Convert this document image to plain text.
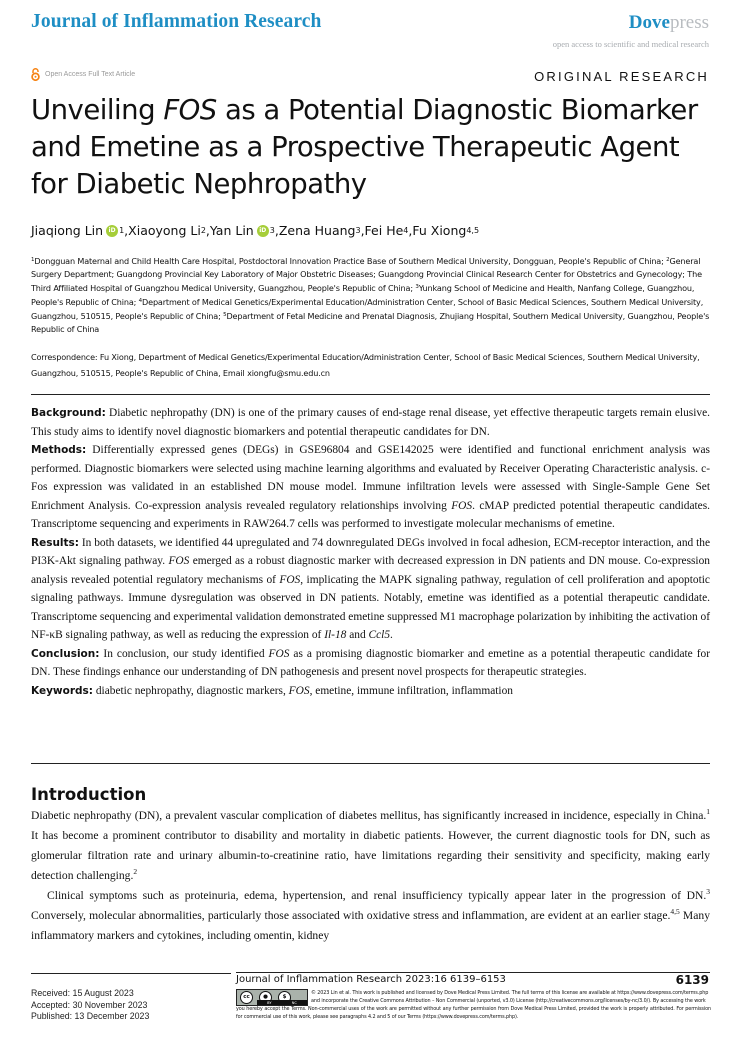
Journal of Inflammation Research	Dovepress
open access to scientific and medical research
Open Access Full Text Article	ORIGINAL RESEARCH
Unveiling FOS as a Potential Diagnostic Biomarker and Emetine as a Prospective Therapeutic Agent for Diabetic Nephropathy
Jiaqiong Lin iD 1 , Xiaoyong Li 2 , Yan Lin iD 3 , Zena Huang 3 , Fei He 4 , Fu Xiong 4,5
$^1$Dongguan Maternal and Child Health Care Hospital, Postdoctoral Innovation Practice Base of Southern Medical University, Dongguan, People's Republic of China; $^2$General Surgery Department; Guangdong Provincial Key Laboratory of Major Obstetric Diseases; Guangdong Provincial Clinical Research Center for Obstetrics and Gynecology; The Third Affiliated Hospital of Guangzhou Medical University, Guangzhou, People's Republic of China; $^3$Yunkang School of Medicine and Health, Nanfang College, Guangzhou, People's Republic of China; $^4$Department of Medical Genetics/Experimental Education/Administration Center, School of Basic Medical Sciences, Southern Medical University, Guangzhou, 510515, People's Republic of China; $^5$Department of Fetal Medicine and Prenatal Diagnosis, Zhujiang Hospital, Southern Medical University, Guangzhou, People's Republic of China
Correspondence: Fu Xiong, Department of Medical Genetics/Experimental Education/Administration Center, School of Basic Medical Sciences, Southern Medical University, Guangzhou, 510515, People's Republic of China, Email xiongfu@smu.edu.cn

Background: Diabetic nephropathy (DN) is one of the primary causes of end-stage renal disease, yet effective therapeutic targets remain elusive. This study aims to identify novel diagnostic biomarkers and potential therapeutic candidates for DN.

Methods: Differentially expressed genes (DEGs) in GSE96804 and GSE142025 were identified and functional enrichment analysis was performed. Diagnostic biomarkers were selected using machine learning algorithms and evaluated by Receiver Operating Characteristic analysis. c-Fos expression was validated in an established DN mouse model. Immune infiltration levels were assessed with Single-Sample Gene Set Enrichment Analysis. Co-expression analysis revealed regulatory relationships involving FOS. cMAP predicted potential therapeutic candidates. Transcriptome sequencing and experiments in RAW264.7 cells was performed to investigate molecular mechanisms of emetine.

Results: In both datasets, we identified 44 upregulated and 74 downregulated DEGs involved in focal adhesion, ECM-receptor interaction, and the PI3K-Akt signaling pathway. FOS emerged as a robust diagnostic marker with decreased expression in DN patients and DN mouse. Co-expression analysis revealed potential regulatory mechanisms of FOS, implicating the MAPK signaling pathway, regulation of cell proliferation and apoptotic signaling pathways. Immune dysregulation was observed in DN patients. Notably, emetine was identified as a potential therapeutic candidate. Transcriptome sequencing and experimental validation demonstrated emetine suppressed M1 macrophage polarization by inhibiting the activation of NF-κB signaling pathway, as well as reducing the expression of Il-18 and Ccl5.

Conclusion: In conclusion, our study identified FOS as a promising diagnostic biomarker and emetine as a potential therapeutic candidate for DN. These findings enhance our understanding of DN pathogenesis and present novel prospects for therapeutic strategies.

Keywords: diabetic nephropathy, diagnostic markers, FOS, emetine, immune infiltration, inflammation

Introduction

Diabetic nephropathy (DN), a prevalent vascular complication of diabetes mellitus, has significantly increased in incidence, especially in China.$^1$ It has become a prominent contributor to disability and mortality in diabetic patients. However, the current diagnostic tools for DN, such as glomerular filtration rate and urinary albumin-to-creatinine ratio, have limitations regarding their sensitivity and specificity, making early detection challenging.$^2$

Clinical symptoms such as proteinuria, edema, hypertension, and renal insufficiency typically appear later in the progression of DN.$^3$ Conversely, molecular abnormalities, particularly those associated with oxidative stress and inflammation, are evident at an earlier stage.$^{4,5}$ Many inflammatory markers and cytokines, including omentin, kidney

Received: 15 August 2023
Accepted: 30 November 2023
Published: 13 December 2023
Journal of Inflammation Research 2023:16 6139–6153	6139
cc	●	$
BY	NC
© 2023 Lin et al. This work is published and licensed by Dove Medical Press Limited. The full terms of this license are available at https://www.dovepress.com/terms.php and incorporate the Creative Commons Attribution – Non Commercial (unported, v3.0) License (http://creativecommons.org/licenses/by-nc/3.0/). By accessing the work
you hereby accept the Terms. Non-commercial uses of the work are permitted without any further permission from Dove Medical Press Limited, provided the work is properly attributed. For permission for commercial use of this work, please see paragraphs 4.2 and 5 of our Terms (https://www.dovepress.com/terms.php).
